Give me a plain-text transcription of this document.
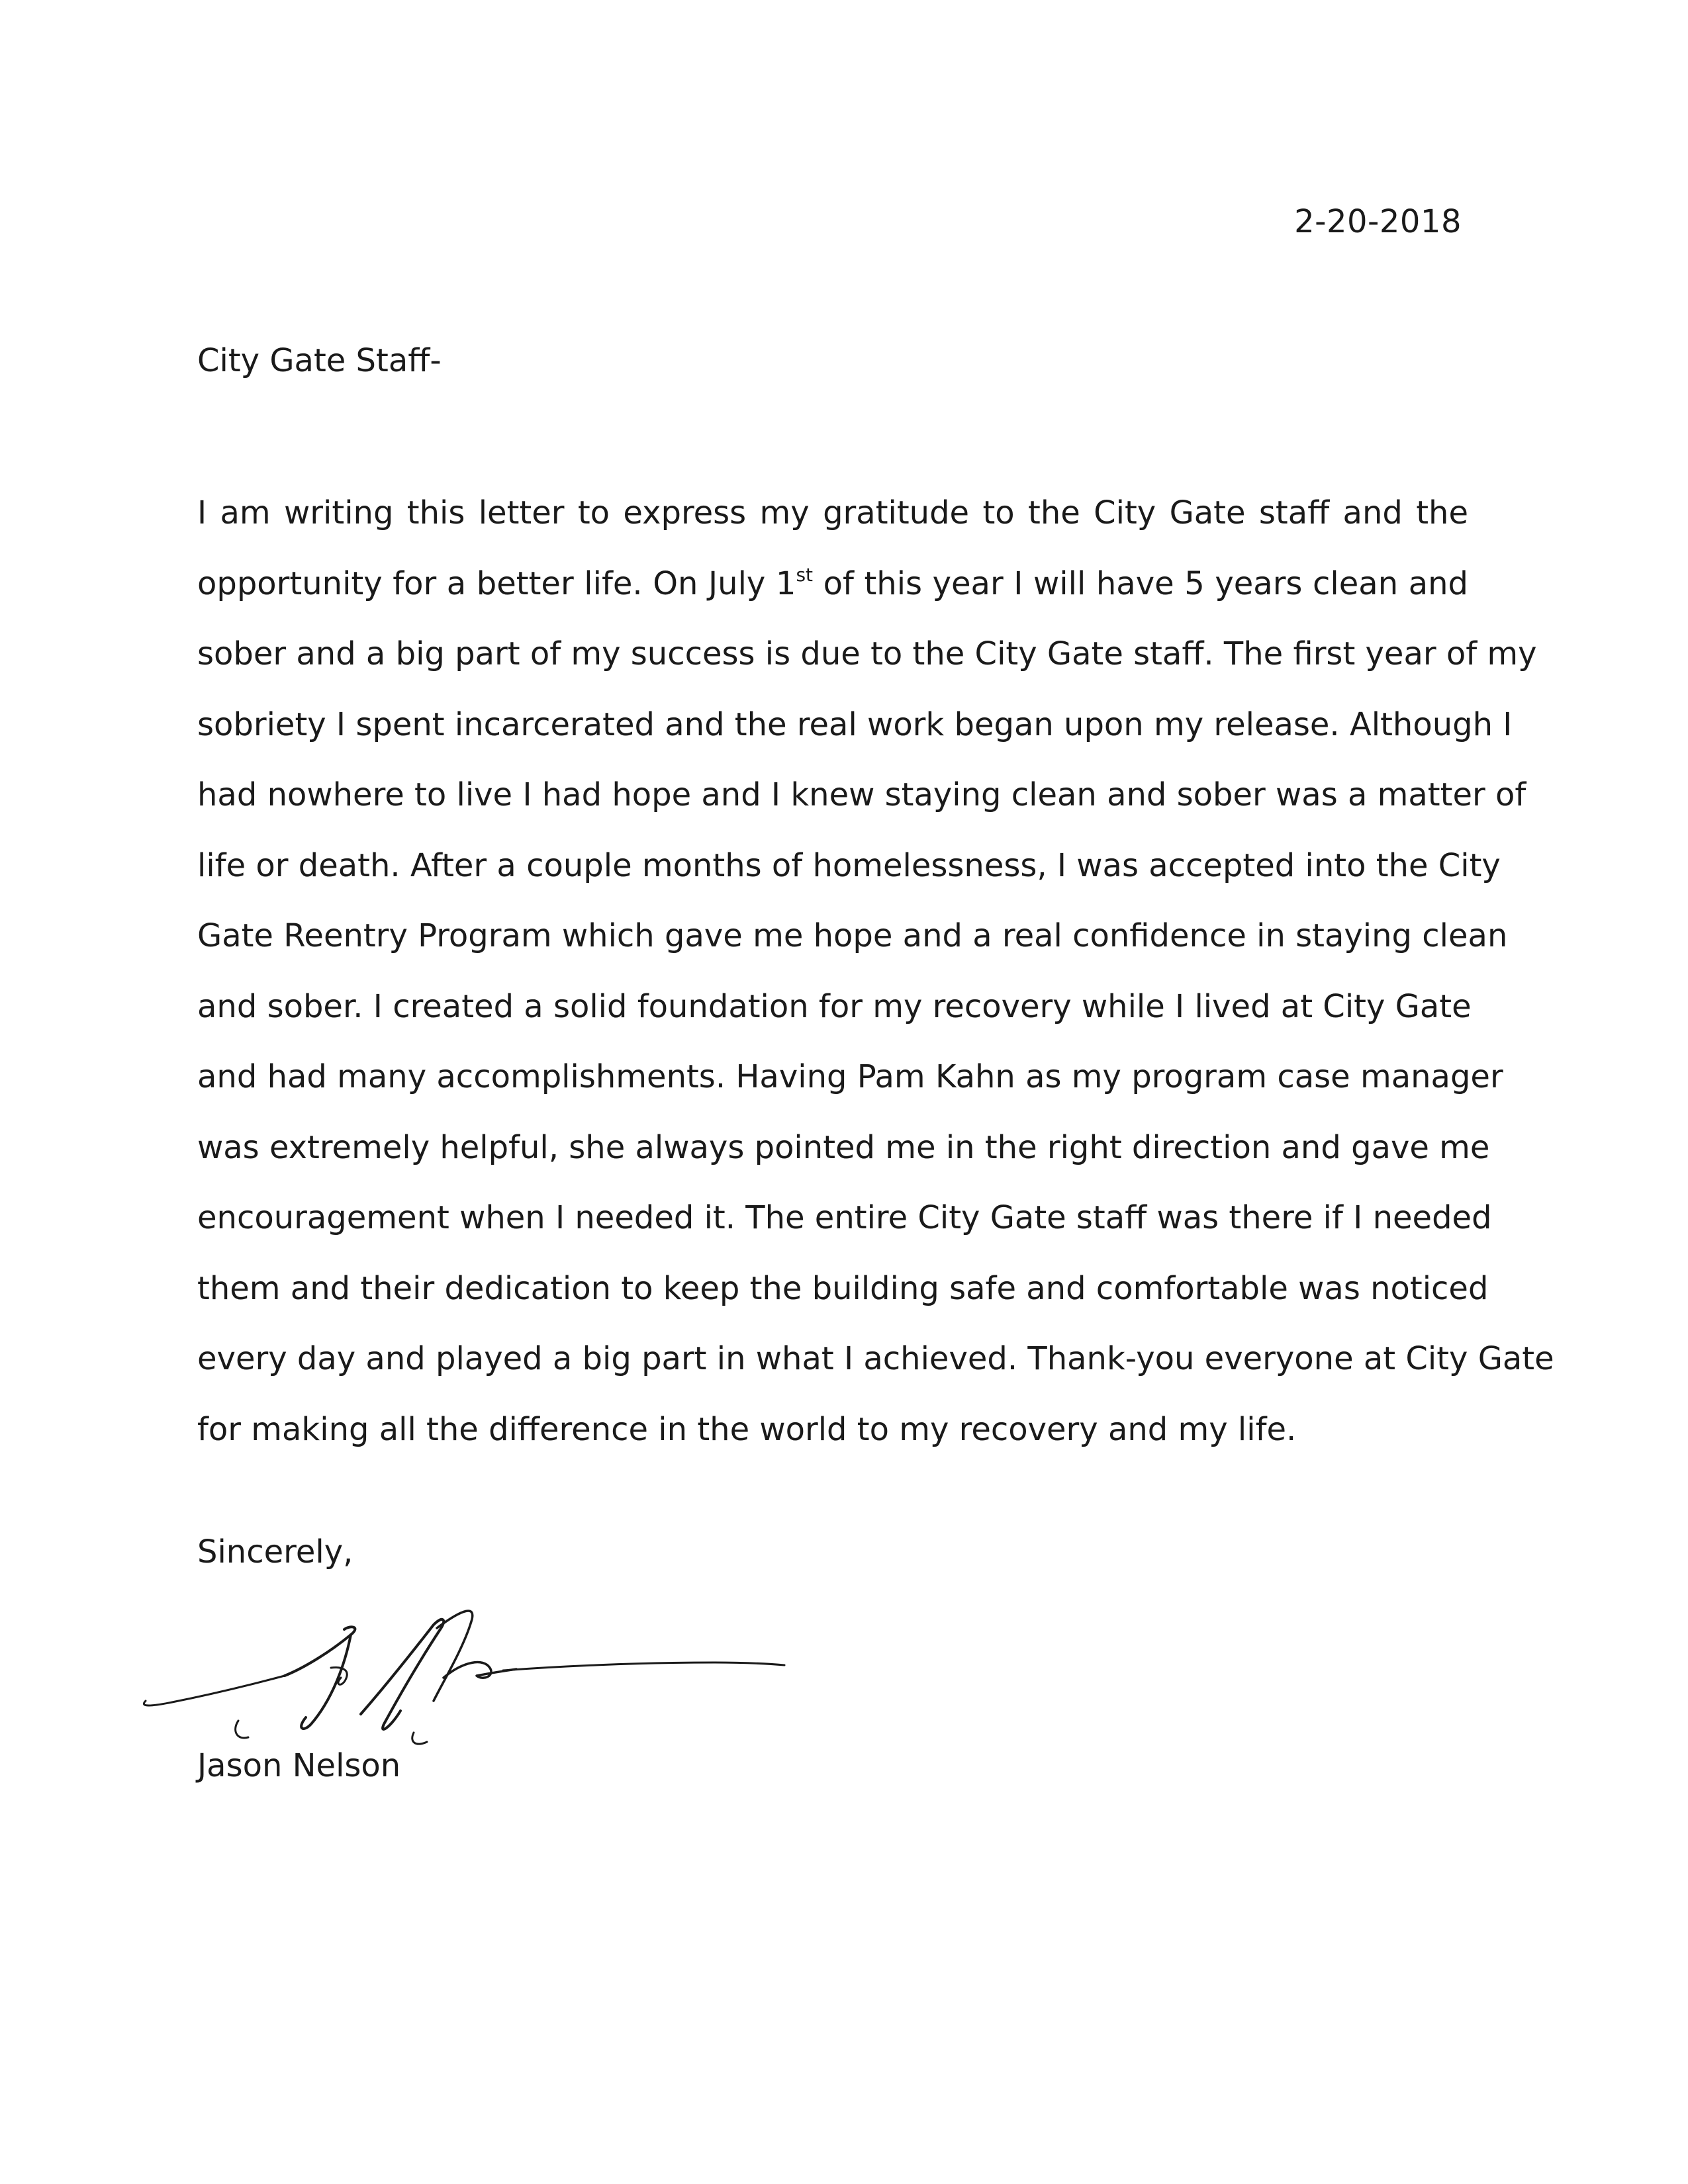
2-20-2018
City Gate Staff-
I am writing this letter to express my gratitude to the City Gate staff and the
opportunity for a better life. On July 1st of this year I will have 5 years clean and
sober and a big part of my success is due to the City Gate staff. The first year of my
sobriety I spent incarcerated and the real work began upon my release. Although I
had nowhere to live I had hope and I knew staying clean and sober was a matter of
life or death. After a couple months of homelessness, I was accepted into the City
Gate Reentry Program which gave me hope and a real confidence in staying clean
and sober. I created a solid foundation for my recovery while I lived at City Gate
and had many accomplishments. Having Pam Kahn as my program case manager
was extremely helpful, she always pointed me in the right direction and gave me
encouragement when I needed it. The entire City Gate staff was there if I needed
them and their dedication to keep the building safe and comfortable was noticed
every day and played a big part in what I achieved. Thank-you everyone at City Gate
for making all the difference in the world to my recovery and my life.
Sincerely,
Jason Nelson
